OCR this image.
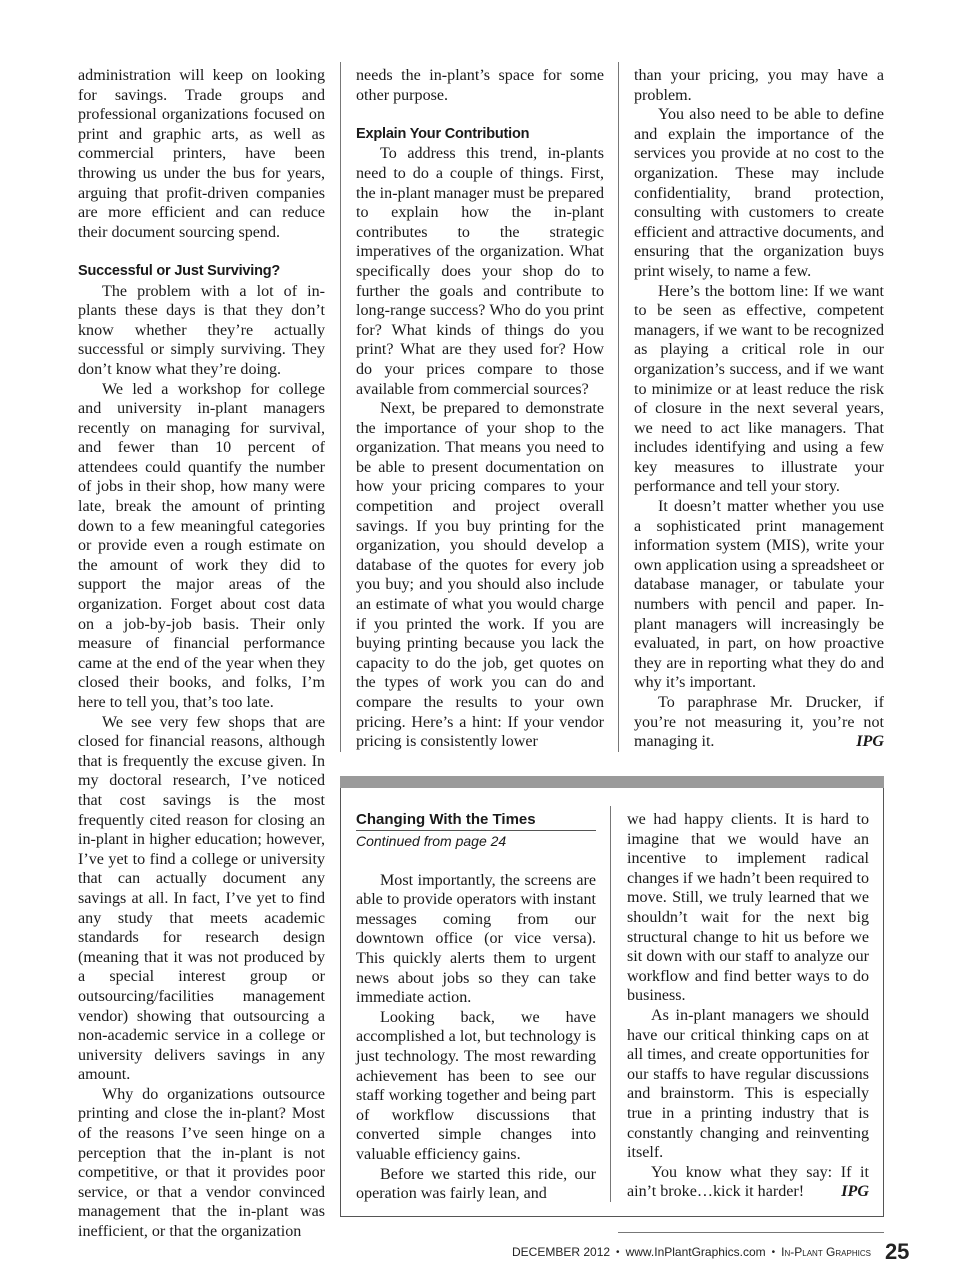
administration will keep on looking for savings. Trade groups and professional organizations focused on print and graphic arts, as well as commercial printers, have been throwing us under the bus for years, arguing that profit-driven companies are more efficient and can reduce their document sourcing spend.

Successful or Just Surviving?

The problem with a lot of in-plants these days is that they don’t know whether they’re actually successful or simply surviving. They don’t know what they’re doing.

We led a workshop for college and university in-plant managers recently on managing for survival, and fewer than 10 percent of attendees could quantify the number of jobs in their shop, how many were late, break the amount of printing down to a few meaningful categories or provide even a rough estimate on the amount of work they did to support the major areas of the organization. Forget about cost data on a job-by-job basis. Their only measure of financial performance came at the end of the year when they closed their books, and folks, I’m here to tell you, that’s too late.

We see very few shops that are closed for financial reasons, although that is frequently the excuse given. In my doctoral research, I’ve noticed that cost savings is the most frequently cited reason for closing an in-plant in higher education; however, I’ve yet to find a college or university that can actually document any savings at all. In fact, I’ve yet to find any study that meets academic standards for research design (meaning that it was not produced by a special interest group or outsourcing/facilities management vendor) showing that outsourcing a non-academic service in a college or university delivers savings in any amount.

Why do organizations outsource printing and close the in-plant? Most of the reasons I’ve seen hinge on a perception that the in-plant is not competitive, or that it provides poor service, or that a vendor convinced management that the in-plant was inefficient, or that the organization

needs the in-plant’s space for some other purpose.

Explain Your Contribution

To address this trend, in-plants need to do a couple of things. First, the in-plant manager must be prepared to explain how the in-plant contributes to the strategic imperatives of the organization. What specifically does your shop do to further the goals and contribute to long-range success? Who do you print for? What kinds of things do you print? What are they used for? How do your prices compare to those available from commercial sources?

Next, be prepared to demonstrate the importance of your shop to the organization. That means you need to be able to present documentation on how your pricing compares to your competition and project overall savings. If you buy printing for the organization, you should develop a database of the quotes for every job you buy; and you should also include an estimate of what you would charge if you printed the work. If you are buying printing because you lack the capacity to do the job, get quotes on the types of work you can do and compare the results to your own pricing. Here’s a hint: If your vendor pricing is consistently lower

than your pricing, you may have a problem.

You also need to be able to define and explain the importance of the services you provide at no cost to the organization. These may include confidentiality, brand protection, consulting with customers to create efficient and attractive documents, and ensuring that the organization buys print wisely, to name a few.

Here’s the bottom line: If we want to be seen as effective, competent managers, if we want to be recognized as playing a critical role in our organization’s success, and if we want to minimize or at least reduce the risk of closure in the next several years, we need to act like managers. That includes identifying and using a few key measures to illustrate your performance and tell your story.

It doesn’t matter whether you use a sophisticated print management information system (MIS), write your own application using a spreadsheet or database manager, or tabulate your numbers with pencil and paper. In-plant managers will increasingly be evaluated, in part, on how proactive they are in reporting what they do and why it’s important.

To paraphrase Mr. Drucker, if you’re not measuring it, you’re not managing it.	IPG

Changing With the Times
Continued from page 24

Most importantly, the screens are able to provide operators with instant messages coming from our downtown office (or vice versa). This quickly alerts them to urgent news about jobs so they can take immediate action.

Looking back, we have accomplished a lot, but technology is just technology. The most rewarding achievement has been to see our staff working together and being part of workflow discussions that converted simple changes into valuable efficiency gains.

Before we started this ride, our operation was fairly lean, and

we had happy clients. It is hard to imagine that we would have an incentive to implement radical changes if we hadn’t been required to move. Still, we truly learned that we shouldn’t wait for the next big structural change to hit us before we sit down with our staff to analyze our workflow and find better ways to do business.

As in-plant managers we should have our critical thinking caps on at all times, and create opportunities for our staffs to have regular discussions and brainstorm. This is especially true in a printing industry that is constantly changing and reinventing itself.

You know what they say: If it ain’t broke…kick it harder!	IPG

DECEMBER 2012 • www.InPlantGraphics.com • In-Plant Graphics 25
